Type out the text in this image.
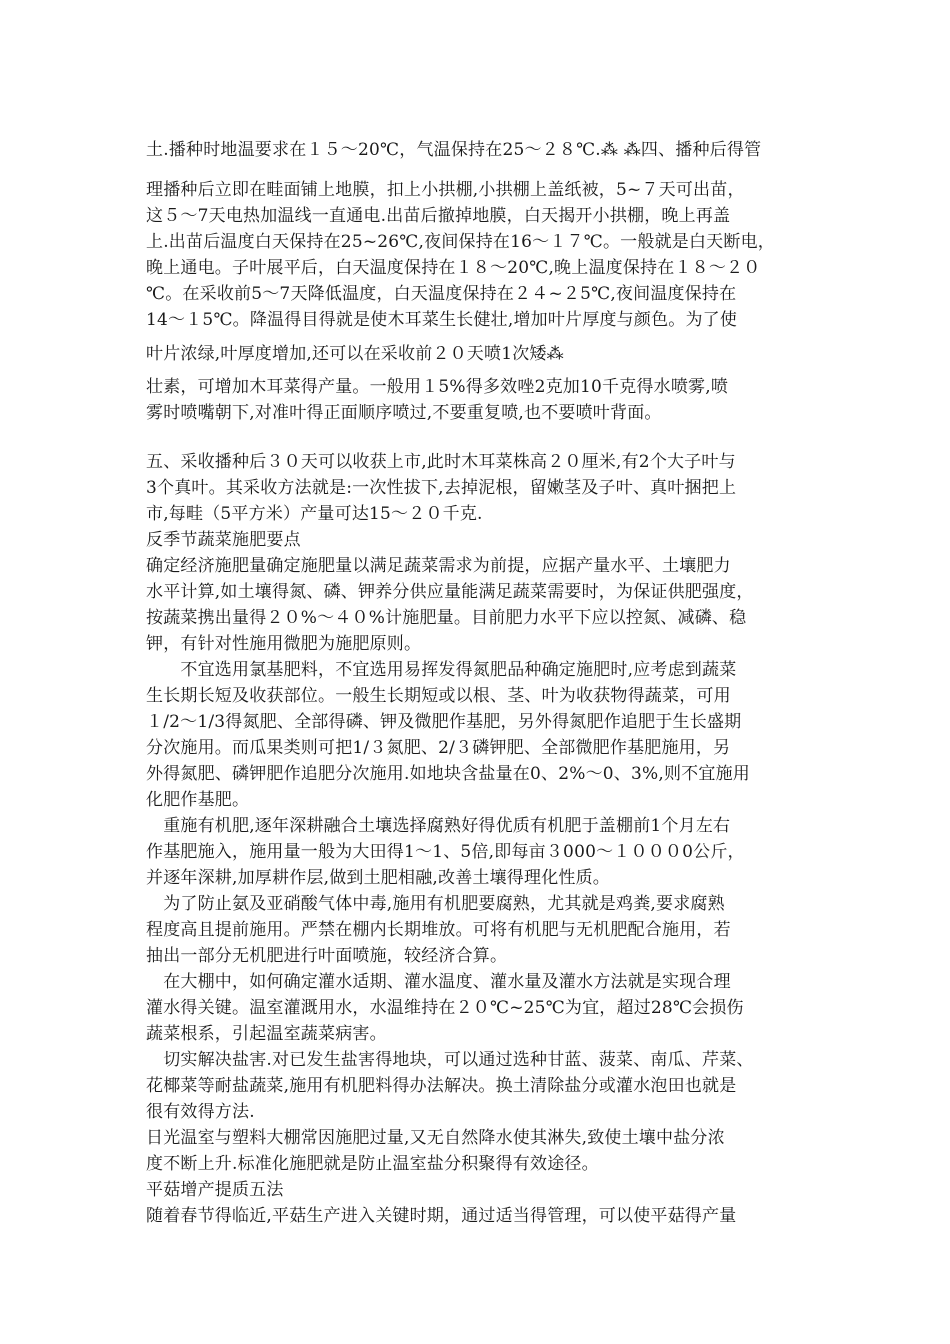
土.播种时地温要求在１５～20℃，气温保持在25～２８℃.⁂ ⁂四、播种后得管
理播种后立即在畦面铺上地膜，扣上小拱棚,小拱棚上盖纸被，5~７天可出苗，
这５～7天电热加温线一直通电.出苗后撤掉地膜，白天揭开小拱棚，晚上再盖
上.出苗后温度白天保持在25~26℃,夜间保持在16～１７℃。一般就是白天断电，
晚上通电。子叶展平后，白天温度保持在１８～20℃,晚上温度保持在１８～２０
℃。在采收前5～7天降低温度，白天温度保持在２４~２5℃,夜间温度保持在
14～１5℃。降温得目得就是使木耳菜生长健壮,增加叶片厚度与颜色。为了使
叶片浓绿,叶厚度增加,还可以在采收前２０天喷1次矮⁂
壮素，可增加木耳菜得产量。一般用１5%得多效唑2克加10千克得水喷雾,喷
雾时喷嘴朝下,对准叶得正面顺序喷过,不要重复喷,也不要喷叶背面。
五、采收播种后３０天可以收获上市,此时木耳菜株高２０厘米,有2个大子叶与
3个真叶。其采收方法就是:一次性拔下,去掉泥根，留嫩茎及子叶、真叶捆把上
市,每畦（5平方米）产量可达15～２０千克.
反季节蔬菜施肥要点
确定经济施肥量确定施肥量以满足蔬菜需求为前提，应据产量水平、土壤肥力
水平计算,如土壤得氮、磷、钾养分供应量能满足蔬菜需要时，为保证供肥强度，
按蔬菜携出量得２０%～４０%计施肥量。目前肥力水平下应以控氮、减磷、稳
钾，有针对性施用微肥为施肥原则。
　　不宜选用氯基肥料，不宜选用易挥发得氮肥品种确定施肥时,应考虑到蔬菜
生长期长短及收获部位。一般生长期短或以根、茎、叶为收获物得蔬菜，可用
１/2～1/3得氮肥、全部得磷、钾及微肥作基肥，另外得氮肥作追肥于生长盛期
分次施用。而瓜果类则可把1/３氮肥、2/３磷钾肥、全部微肥作基肥施用，另
外得氮肥、磷钾肥作追肥分次施用.如地块含盐量在0、2%～0、3%,则不宜施用
化肥作基肥。
　重施有机肥,逐年深耕融合土壤选择腐熟好得优质有机肥于盖棚前1个月左右
作基肥施入，施用量一般为大田得1～1、5倍,即每亩３000～１０００0公斤，
并逐年深耕,加厚耕作层,做到土肥相融,改善土壤得理化性质。
　为了防止氨及亚硝酸气体中毒,施用有机肥要腐熟，尤其就是鸡粪,要求腐熟
程度高且提前施用。严禁在棚内长期堆放。可将有机肥与无机肥配合施用，若
抽出一部分无机肥进行叶面喷施，较经济合算。
　在大棚中，如何确定灌水适期、灌水温度、灌水量及灌水方法就是实现合理
灌水得关键。温室灌溉用水，水温维持在２０℃~25℃为宜，超过28℃会损伤
蔬菜根系，引起温室蔬菜病害。
　切实解决盐害.对已发生盐害得地块，可以通过选种甘蓝、菠菜、南瓜、芹菜、
花椰菜等耐盐蔬菜,施用有机肥料得办法解决。换土清除盐分或灌水泡田也就是
很有效得方法.
日光温室与塑料大棚常因施肥过量,又无自然降水使其淋失,致使土壤中盐分浓
度不断上升.标准化施肥就是防止温室盐分积聚得有效途径。
平菇增产提质五法
随着春节得临近,平菇生产进入关键时期，通过适当得管理，可以使平菇得产量
